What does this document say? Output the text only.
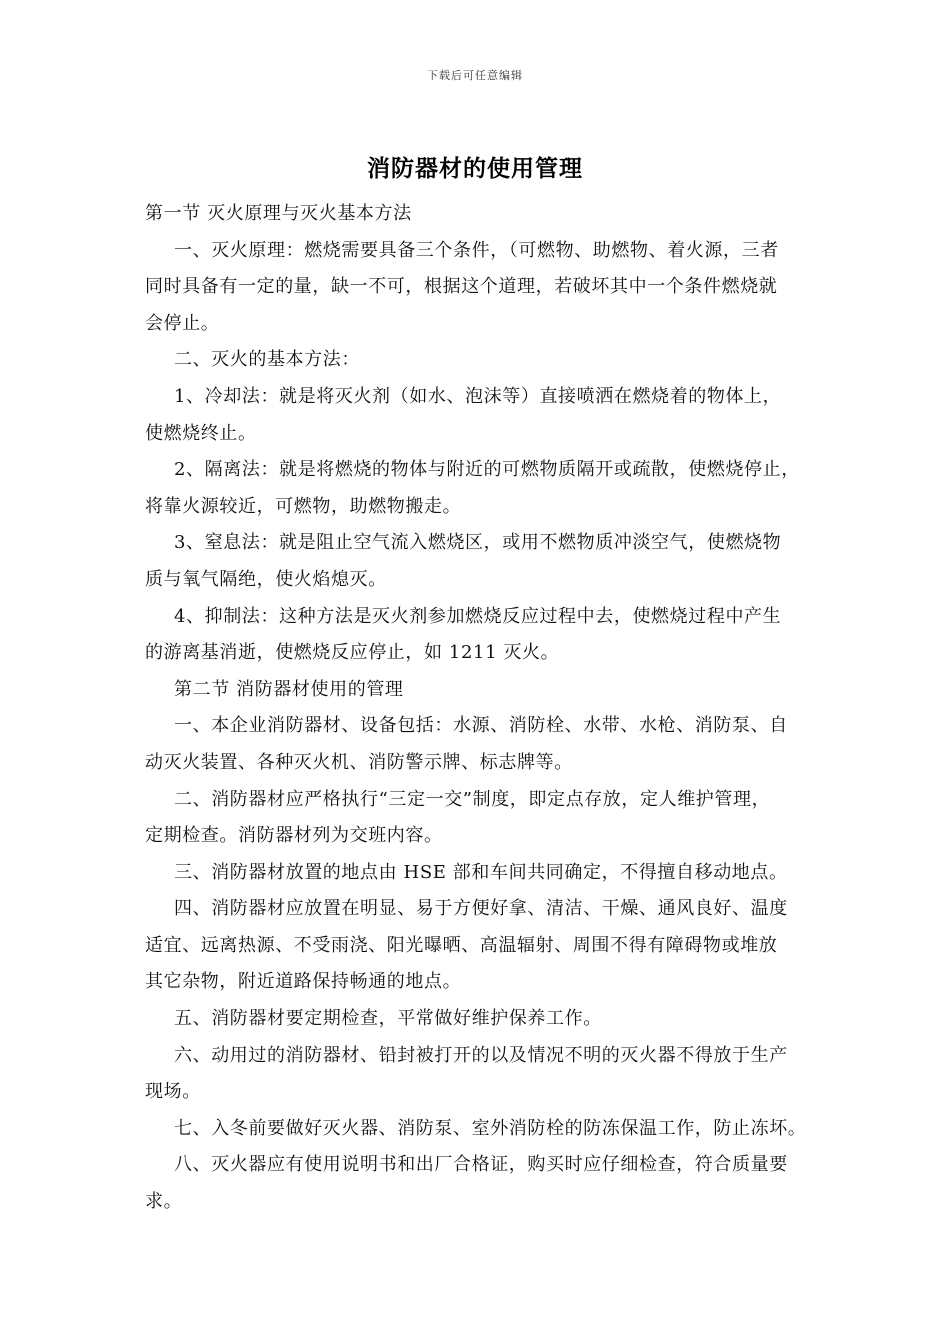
下载后可任意编辑
消防器材的使用管理
第一节 灭火原理与灭火基本方法
一、灭火原理：燃烧需要具备三个条件，（可燃物、助燃物、着火源，三者
同时具备有一定的量，缺一不可，根据这个道理，若破坏其中一个条件燃烧就
会停止。
二、灭火的基本方法：
1、冷却法：就是将灭火剂（如水、泡沫等）直接喷洒在燃烧着的物体上，
使燃烧终止。
2、隔离法：就是将燃烧的物体与附近的可燃物质隔开或疏散，使燃烧停止，
将靠火源较近，可燃物，助燃物搬走。
3、窒息法：就是阻止空气流入燃烧区，或用不燃物质冲淡空气，使燃烧物
质与氧气隔绝，使火焰熄灭。
4、抑制法：这种方法是灭火剂参加燃烧反应过程中去，使燃烧过程中产生
的游离基消逝，使燃烧反应停止，如 1211 灭火。
第二节 消防器材使用的管理
一、本企业消防器材、设备包括：水源、消防栓、水带、水枪、消防泵、自
动灭火装置、各种灭火机、消防警示牌、标志牌等。
二、消防器材应严格执行“三定一交”制度，即定点存放，定人维护管理，
定期检查。消防器材列为交班内容。
三、消防器材放置的地点由 HSE 部和车间共同确定，不得擅自移动地点。
四、消防器材应放置在明显、易于方便好拿、清洁、干燥、通风良好、温度
适宜、远离热源、不受雨浇、阳光曝晒、高温辐射、周围不得有障碍物或堆放
其它杂物，附近道路保持畅通的地点。
五、消防器材要定期检查，平常做好维护保养工作。
六、动用过的消防器材、铅封被打开的以及情况不明的灭火器不得放于生产
现场。
七、入冬前要做好灭火器、消防泵、室外消防栓的防冻保温工作，防止冻坏。
八、灭火器应有使用说明书和出厂合格证，购买时应仔细检查，符合质量要
求。
